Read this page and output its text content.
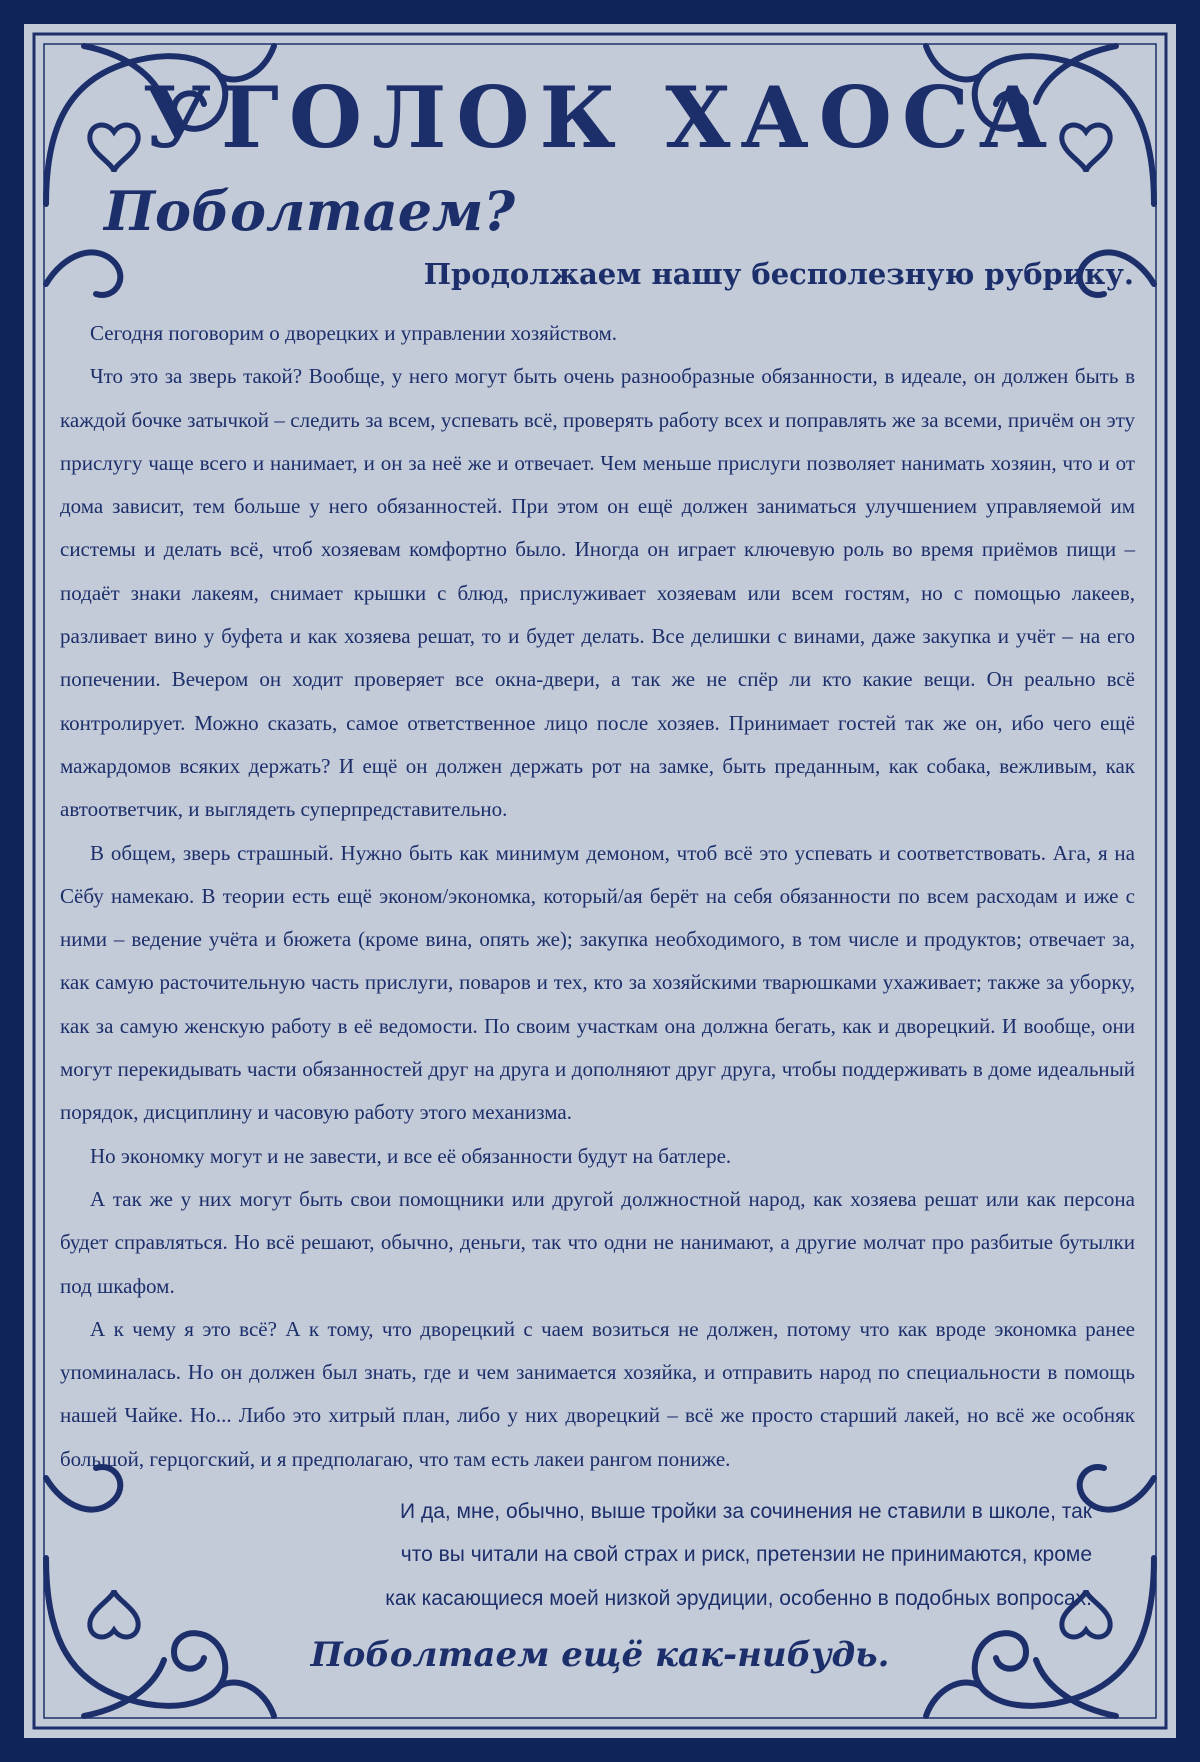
УГОЛОК ХАОСА
Поболтаем?
Продолжаем нашу бесполезную рубрику.

Сегодня поговорим о дворецких и управлении хозяйством.

Что это за зверь такой? Вообще, у него могут быть очень разнообразные обязанности, в идеале, он должен быть в каждой бочке затычкой – следить за всем, успевать всё, проверять работу всех и поправлять же за всеми, причём он эту прислугу чаще всего и нанимает, и он за неё же и отвечает. Чем меньше прислуги позволяет нанимать хозяин, что и от дома зависит, тем больше у него обязанностей. При этом он ещё должен заниматься улучшением управляемой им системы и делать всё, чтоб хозяевам комфортно было. Иногда он играет ключевую роль во время приёмов пищи – подаёт знаки лакеям, снимает крышки с блюд, прислуживает хозяевам или всем гостям, но с помощью лакеев, разливает вино у буфета и как хозяева решат, то и будет делать. Все делишки с винами, даже закупка и учёт – на его попечении. Вечером он ходит проверяет все окна-двери, а так же не спёр ли кто какие вещи. Он реально всё контролирует. Можно сказать, самое ответственное лицо после хозяев. Принимает гостей так же он, ибо чего ещё мажардомов всяких держать? И ещё он должен держать рот на замке, быть преданным, как собака, вежливым, как автоответчик, и выглядеть суперпредставительно.

В общем, зверь страшный. Нужно быть как минимум демоном, чтоб всё это успевать и соответствовать. Ага, я на Сёбу намекаю. В теории есть ещё эконом/экономка, который/ая берёт на себя обязанности по всем расходам и иже с ними – ведение учёта и бюжета (кроме вина, опять же); закупка необходимого, в том числе и продуктов; отвечает за, как самую расточительную часть прислуги, поваров и тех, кто за хозяйскими тварюшками ухаживает; также за уборку, как за самую женскую работу в её ведомости. По своим участкам она должна бегать, как и дворецкий. И вообще, они могут перекидывать части обязанностей друг на друга и дополняют друг друга, чтобы поддерживать в доме идеальный порядок, дисциплину и часовую работу этого механизма.

Но экономку могут и не завести, и все её обязанности будут на батлере.

А так же у них могут быть свои помощники или другой должностной народ, как хозяева решат или как персона будет справляться. Но всё решают, обычно, деньги, так что одни не нанимают, а другие молчат про разбитые бутылки под шкафом.

А к чему я это всё? А к тому, что дворецкий с чаем возиться не должен, потому что как вроде экономка ранее упоминалась. Но он должен был знать, где и чем занимается хозяйка, и отправить народ по специальности в помощь нашей Чайке. Но... Либо это хитрый план, либо у них дворецкий – всё же просто старший лакей, но всё же особняк большой, герцогский, и я предполагаю, что там есть лакеи рангом пониже.

И да, мне, обычно, выше тройки за сочинения не ставили в школе, так что вы читали на свой страх и риск, претензии не принимаются, кроме как касающиеся моей низкой эрудиции, особенно в подобных вопросах.

Поболтаем ещё как-нибудь.
